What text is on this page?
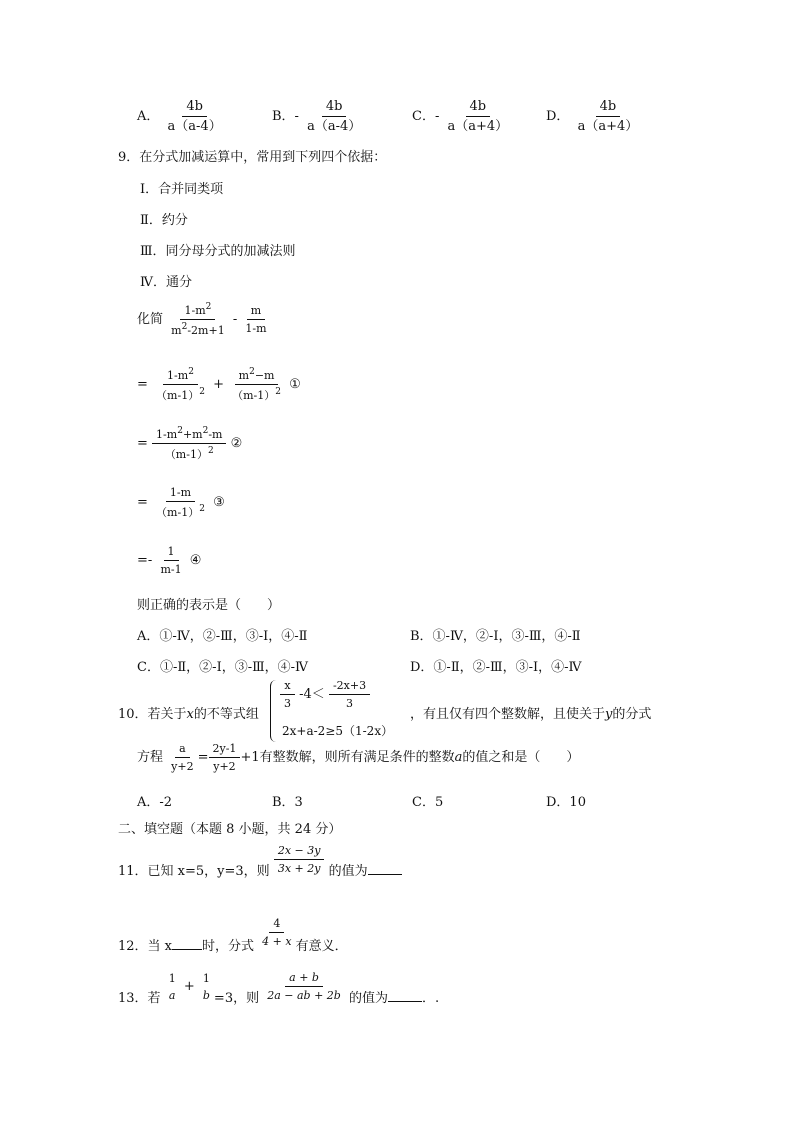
A． $\frac{4b}{a(a-4)}$	B．- $\frac{4b}{a(a-4)}$	C．- $\frac{4b}{a(a+4)}$	D． $\frac{4b}{a(a+4)}$
9．在分式加减运算中，常用到下列四个依据：
Ⅰ．合并同类项
Ⅱ．约分
Ⅲ．同分母分式的加减法则
Ⅳ．通分
化简 $\frac{1-m^2}{m^2-2m+1} - \frac{m}{1-m}$
= $\frac{1-m^2}{(m-1)^2} + \frac{m^2-m}{(m-1)^2}$ ①
= $\frac{1-m^2+m^2-m}{(m-1)^2}$ ②
= $\frac{1-m}{(m-1)^2}$ ③
=- $\frac{1}{m-1}$ ④
则正确的表示是（　　）
A．①-Ⅳ，②-Ⅲ，③-Ⅰ，④-Ⅱ	B．①-Ⅳ，②-Ⅰ，③-Ⅲ，④-Ⅱ
C．①-Ⅱ，②-Ⅰ，③-Ⅲ，④-Ⅳ	D．①-Ⅱ，②-Ⅲ，③-Ⅰ，④-Ⅳ
10．若关于x的不等式组
$\frac{x}{3} -4< \frac{-2x+3}{3}$
2x+a-2≥5（1-2x）
，有且仅有四个整数解，且使关于y的分式
方程 $\frac{a}{y+2} = \frac{2y-1}{y+2} +1$有整数解，则所有满足条件的整数a的值之和是（　　）
A．-2	B．3	C．5	D．10
二、填空题（本题 8 小题，共 24 分）
11．已知 x=5，y=3，则 $\frac{2x - 3y}{3x + 2y}$ 的值为
12．当 x 时，分式 $\frac{4}{4 + x}$ 有意义．
13．若
1
a
+
1
b =3，则 $\frac{a + b}{2a - ab + 2b}$ 的值为	．.
